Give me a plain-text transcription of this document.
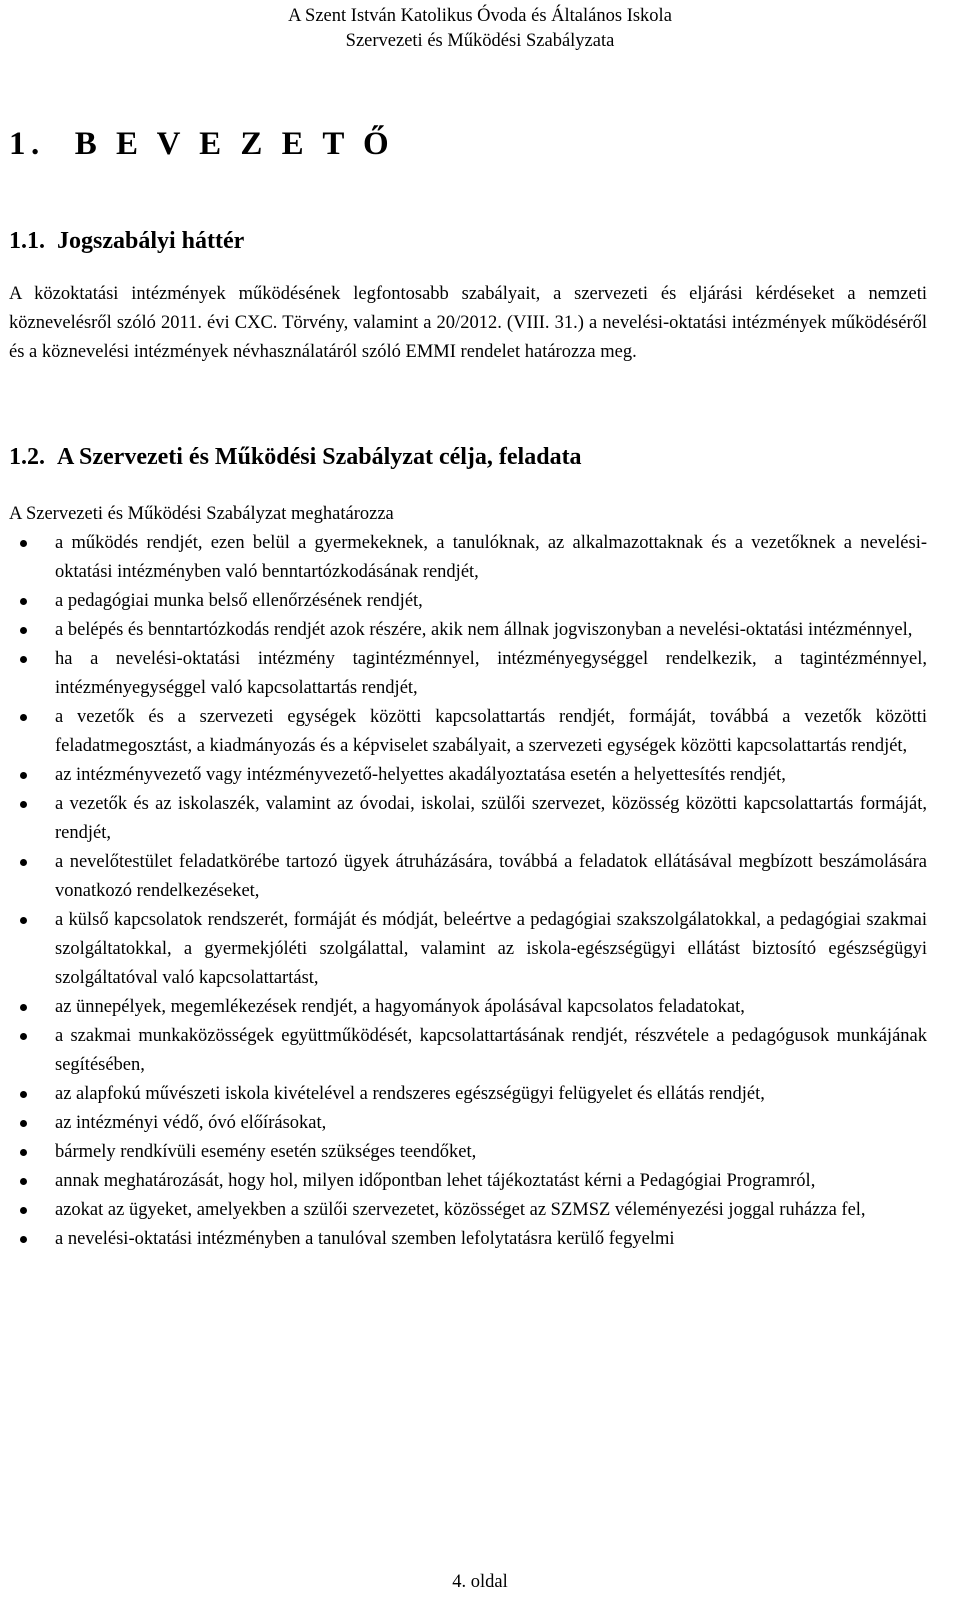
A Szent István Katolikus Óvoda és Általános Iskola
Szervezeti és Működési Szabályzata
1. B E V E Z E T Ő
1.1. Jogszabályi háttér

A közoktatási intézmények működésének legfontosabb szabályait, a szervezeti és eljárási kérdéseket a nemzeti köznevelésről szóló 2011. évi CXC. Törvény, valamint a 20/2012. (VIII. 31.) a nevelési-oktatási intézmények működéséről és a köznevelési intézmények névhasználatáról szóló EMMI rendelet határozza meg.

1.2. A Szervezeti és Működési Szabályzat célja, feladata

A Szervezeti és Működési Szabályzat meghatározza

a működés rendjét, ezen belül a gyermekeknek, a tanulóknak, az alkalmazottaknak és a vezetőknek a nevelési-oktatási intézményben való benntartózkodásának rendjét,
a pedagógiai munka belső ellenőrzésének rendjét,
a belépés és benntartózkodás rendjét azok részére, akik nem állnak jogviszonyban a nevelési-oktatási intézménnyel,
ha a nevelési-oktatási intézmény tagintézménnyel, intézményegységgel rendelkezik, a tagintézménnyel, intézményegységgel való kapcsolattartás rendjét,
a vezetők és a szervezeti egységek közötti kapcsolattartás rendjét, formáját, továbbá a vezetők közötti feladatmegosztást, a kiadmányozás és a képviselet szabályait, a szervezeti egységek közötti kapcsolattartás rendjét,
az intézményvezető vagy intézményvezető-helyettes akadályoztatása esetén a helyettesítés rendjét,
a vezetők és az iskolaszék, valamint az óvodai, iskolai, szülői szervezet, közösség közötti kapcsolattartás formáját, rendjét,
a nevelőtestület feladatkörébe tartozó ügyek átruházására, továbbá a feladatok ellátásával megbízott beszámolására vonatkozó rendelkezéseket,
a külső kapcsolatok rendszerét, formáját és módját, beleértve a pedagógiai szakszolgálatokkal, a pedagógiai szakmai szolgáltatokkal, a gyermekjóléti szolgálattal, valamint az iskola-egészségügyi ellátást biztosító egészségügyi szolgáltatóval való kapcsolattartást,
az ünnepélyek, megemlékezések rendjét, a hagyományok ápolásával kapcsolatos feladatokat,
a szakmai munkaközösségek együttműködését, kapcsolattartásának rendjét, részvétele a pedagógusok munkájának segítésében,
az alapfokú művészeti iskola kivételével a rendszeres egészségügyi felügyelet és ellátás rendjét,
az intézményi védő, óvó előírásokat,
bármely rendkívüli esemény esetén szükséges teendőket,
annak meghatározását, hogy hol, milyen időpontban lehet tájékoztatást kérni a Pedagógiai Programról,
azokat az ügyeket, amelyekben a szülői szervezetet, közösséget az SZMSZ véleményezési joggal ruházza fel,
a nevelési-oktatási intézményben a tanulóval szemben lefolytatásra kerülő fegyelmi
4. oldal
